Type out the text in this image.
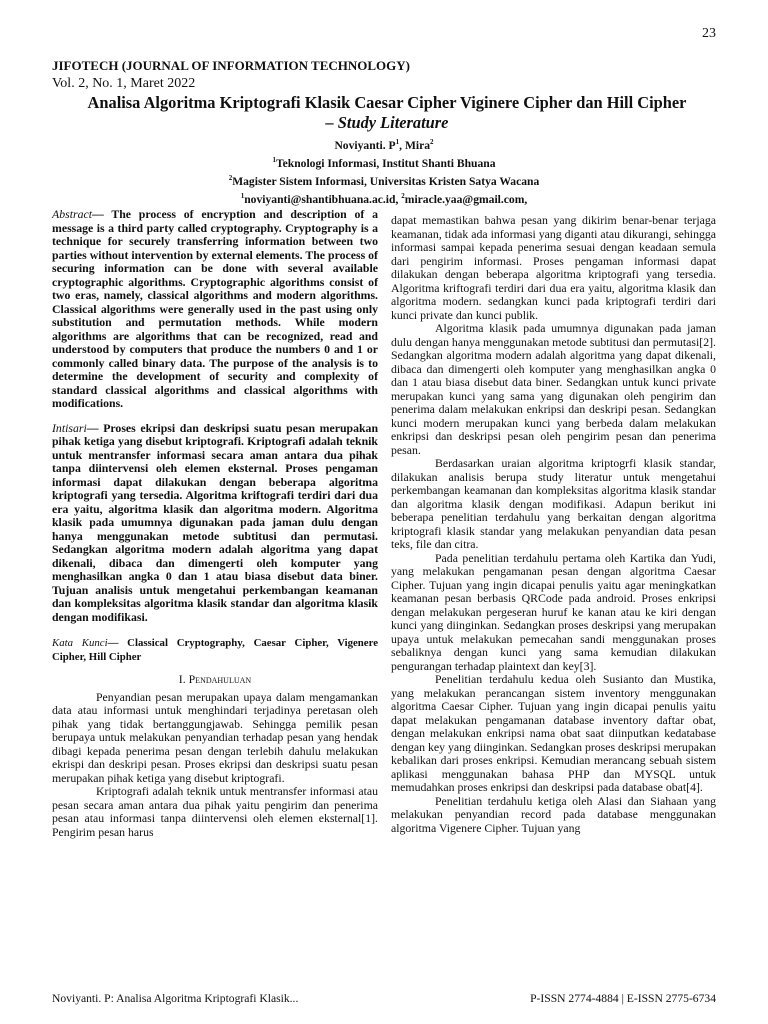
23
JIFOTECH (JOURNAL OF INFORMATION TECHNOLOGY)
Vol. 2, No. 1, Maret 2022
Analisa Algoritma Kriptografi Klasik Caesar Cipher Viginere Cipher dan Hill Cipher
– Study Literature
Noviyanti. $P^1$, Mira$^2$
$^1$Teknologi Informasi, Institut Shanti Bhuana
$^2$Magister Sistem Informasi, Universitas Kristen Satya Wacana
$^1$noviyanti@shantibhuana.ac.id, $^2$miracle.yaa@gmail.com,

Abstract— The process of encryption and description of a message is a third party called cryptography. Cryptography is a technique for securely transferring information between two parties without intervention by external elements. The process of securing information can be done with several available cryptographic algorithms. Cryptographic algorithms consist of two eras, namely, classical algorithms and modern algorithms. Classical algorithms were generally used in the past using only substitution and permutation methods. While modern algorithms are algorithms that can be recognized, read and understood by computers that produce the numbers 0 and 1 or commonly called binary data. The purpose of the analysis is to determine the development of security and complexity of standard classical algorithms and classical algorithms with modifications.

Intisari— Proses ekripsi dan deskripsi suatu pesan merupakan pihak ketiga yang disebut kriptografi. Kriptografi adalah teknik untuk mentransfer informasi secara aman antara dua pihak tanpa diintervensi oleh elemen eksternal. Proses pengaman informasi dapat dilakukan dengan beberapa algoritma kriptografi yang tersedia. Algoritma kriftografi terdiri dari dua era yaitu, algoritma klasik dan algoritma modern. Algoritma klasik pada umumnya digunakan pada jaman dulu dengan hanya menggunakan metode subtitusi dan permutasi. Sedangkan algoritma modern adalah algoritma yang dapat dikenali, dibaca dan dimengerti oleh komputer yang menghasilkan angka 0 dan 1 atau biasa disebut data biner. Tujuan analisis untuk mengetahui perkembangan keamanan dan kompleksitas algoritma klasik standar dan algoritma klasik dengan modifikasi.

Kata Kunci— Classical Cryptography, Caesar Cipher, Vigenere Cipher, Hill Cipher

I. Pendahuluan

Penyandian pesan merupakan upaya dalam mengamankan data atau informasi untuk menghindari terjadinya peretasan oleh pihak yang tidak bertanggungjawab. Sehingga pemilik pesan berupaya untuk melakukan penyandian terhadap pesan yang hendak dibagi kepada penerima pesan dengan terlebih dahulu melakukan ekrispi dan deskripi pesan. Proses ekripsi dan deskripsi suatu pesan merupakan pihak ketiga yang disebut kriptografi.

Kriptografi adalah teknik untuk mentransfer informasi atau pesan secara aman antara dua pihak yaitu pengirim dan penerima pesan atau informasi tanpa diintervensi oleh elemen eksternal[1]. Pengirim pesan harus

dapat memastikan bahwa pesan yang dikirim benar-benar terjaga keamanan, tidak ada informasi yang diganti atau dikurangi, sehingga informasi sampai kepada penerima sesuai dengan keadaan semula dari pengirim informasi. Proses pengaman informasi dapat dilakukan dengan beberapa algoritma kriptografi yang tersedia. Algoritma kriftografi terdiri dari dua era yaitu, algoritma klasik dan algoritma modern. sedangkan kunci pada kriptografi terdiri dari kunci private dan kunci publik.

Algoritma klasik pada umumnya digunakan pada jaman dulu dengan hanya menggunakan metode subtitusi dan permutasi[2]. Sedangkan algoritma modern adalah algoritma yang dapat dikenali, dibaca dan dimengerti oleh komputer yang menghasilkan angka 0 dan 1 atau biasa disebut data biner. Sedangkan untuk kunci private merupakan kunci yang sama yang digunakan oleh pengirim dan penerima dalam melakukan enkripsi dan deskripi pesan. Sedangkan kunci modern merupakan kunci yang berbeda dalam melakukan enkripsi dan deskripsi pesan oleh pengirim pesan dan penerima pesan.

Berdasarkan uraian algoritma kriptogrfi klasik standar, dilakukan analisis berupa study literatur untuk mengetahui perkembangan keamanan dan kompleksitas algoritma klasik standar dan algoritma klasik dengan modifikasi. Adapun berikut ini beberapa penelitian terdahulu yang berkaitan dengan algoritma kriptografi klasik standar yang melakukan penyandian data pesan teks, file dan citra.

Pada penelitian terdahulu pertama oleh Kartika dan Yudi, yang melakukan pengamanan pesan dengan algoritma Caesar Cipher. Tujuan yang ingin dicapai penulis yaitu agar meningkatkan keamanan pesan berbasis QRCode pada android. Proses enkripsi dengan melakukan pergeseran huruf ke kanan atau ke kiri dengan kunci yang diinginkan. Sedangkan proses deskripsi yang merupakan upaya untuk melakukan pemecahan sandi menggunakan proses sebaliknya dengan kunci yang sama kemudian dilakukan pengurangan terhadap plaintext dan key[3].

Penelitian terdahulu kedua oleh Susianto dan Mustika, yang melakukan perancangan sistem inventory menggunakan algoritma Caesar Cipher. Tujuan yang ingin dicapai penulis yaitu dapat melakukan pengamanan database inventory daftar obat, dengan melakukan enkripsi nama obat saat diinputkan kedatabase dengan key yang diinginkan. Sedangkan proses deskripsi merupakan kebalikan dari proses enkripsi. Kemudian merancang sebuah sistem aplikasi menggunakan bahasa PHP dan MYSQL untuk memudahkan proses enkripsi dan deskripsi pada database obat[4].

Penelitian terdahulu ketiga oleh Alasi dan Siahaan yang melakukan penyandian record pada database menggunakan algoritma Vigenere Cipher. Tujuan yang

Noviyanti. P: Analisa Algoritma Kriptografi Klasik...	P-ISSN 2774-4884 | E-ISSN 2775-6734
